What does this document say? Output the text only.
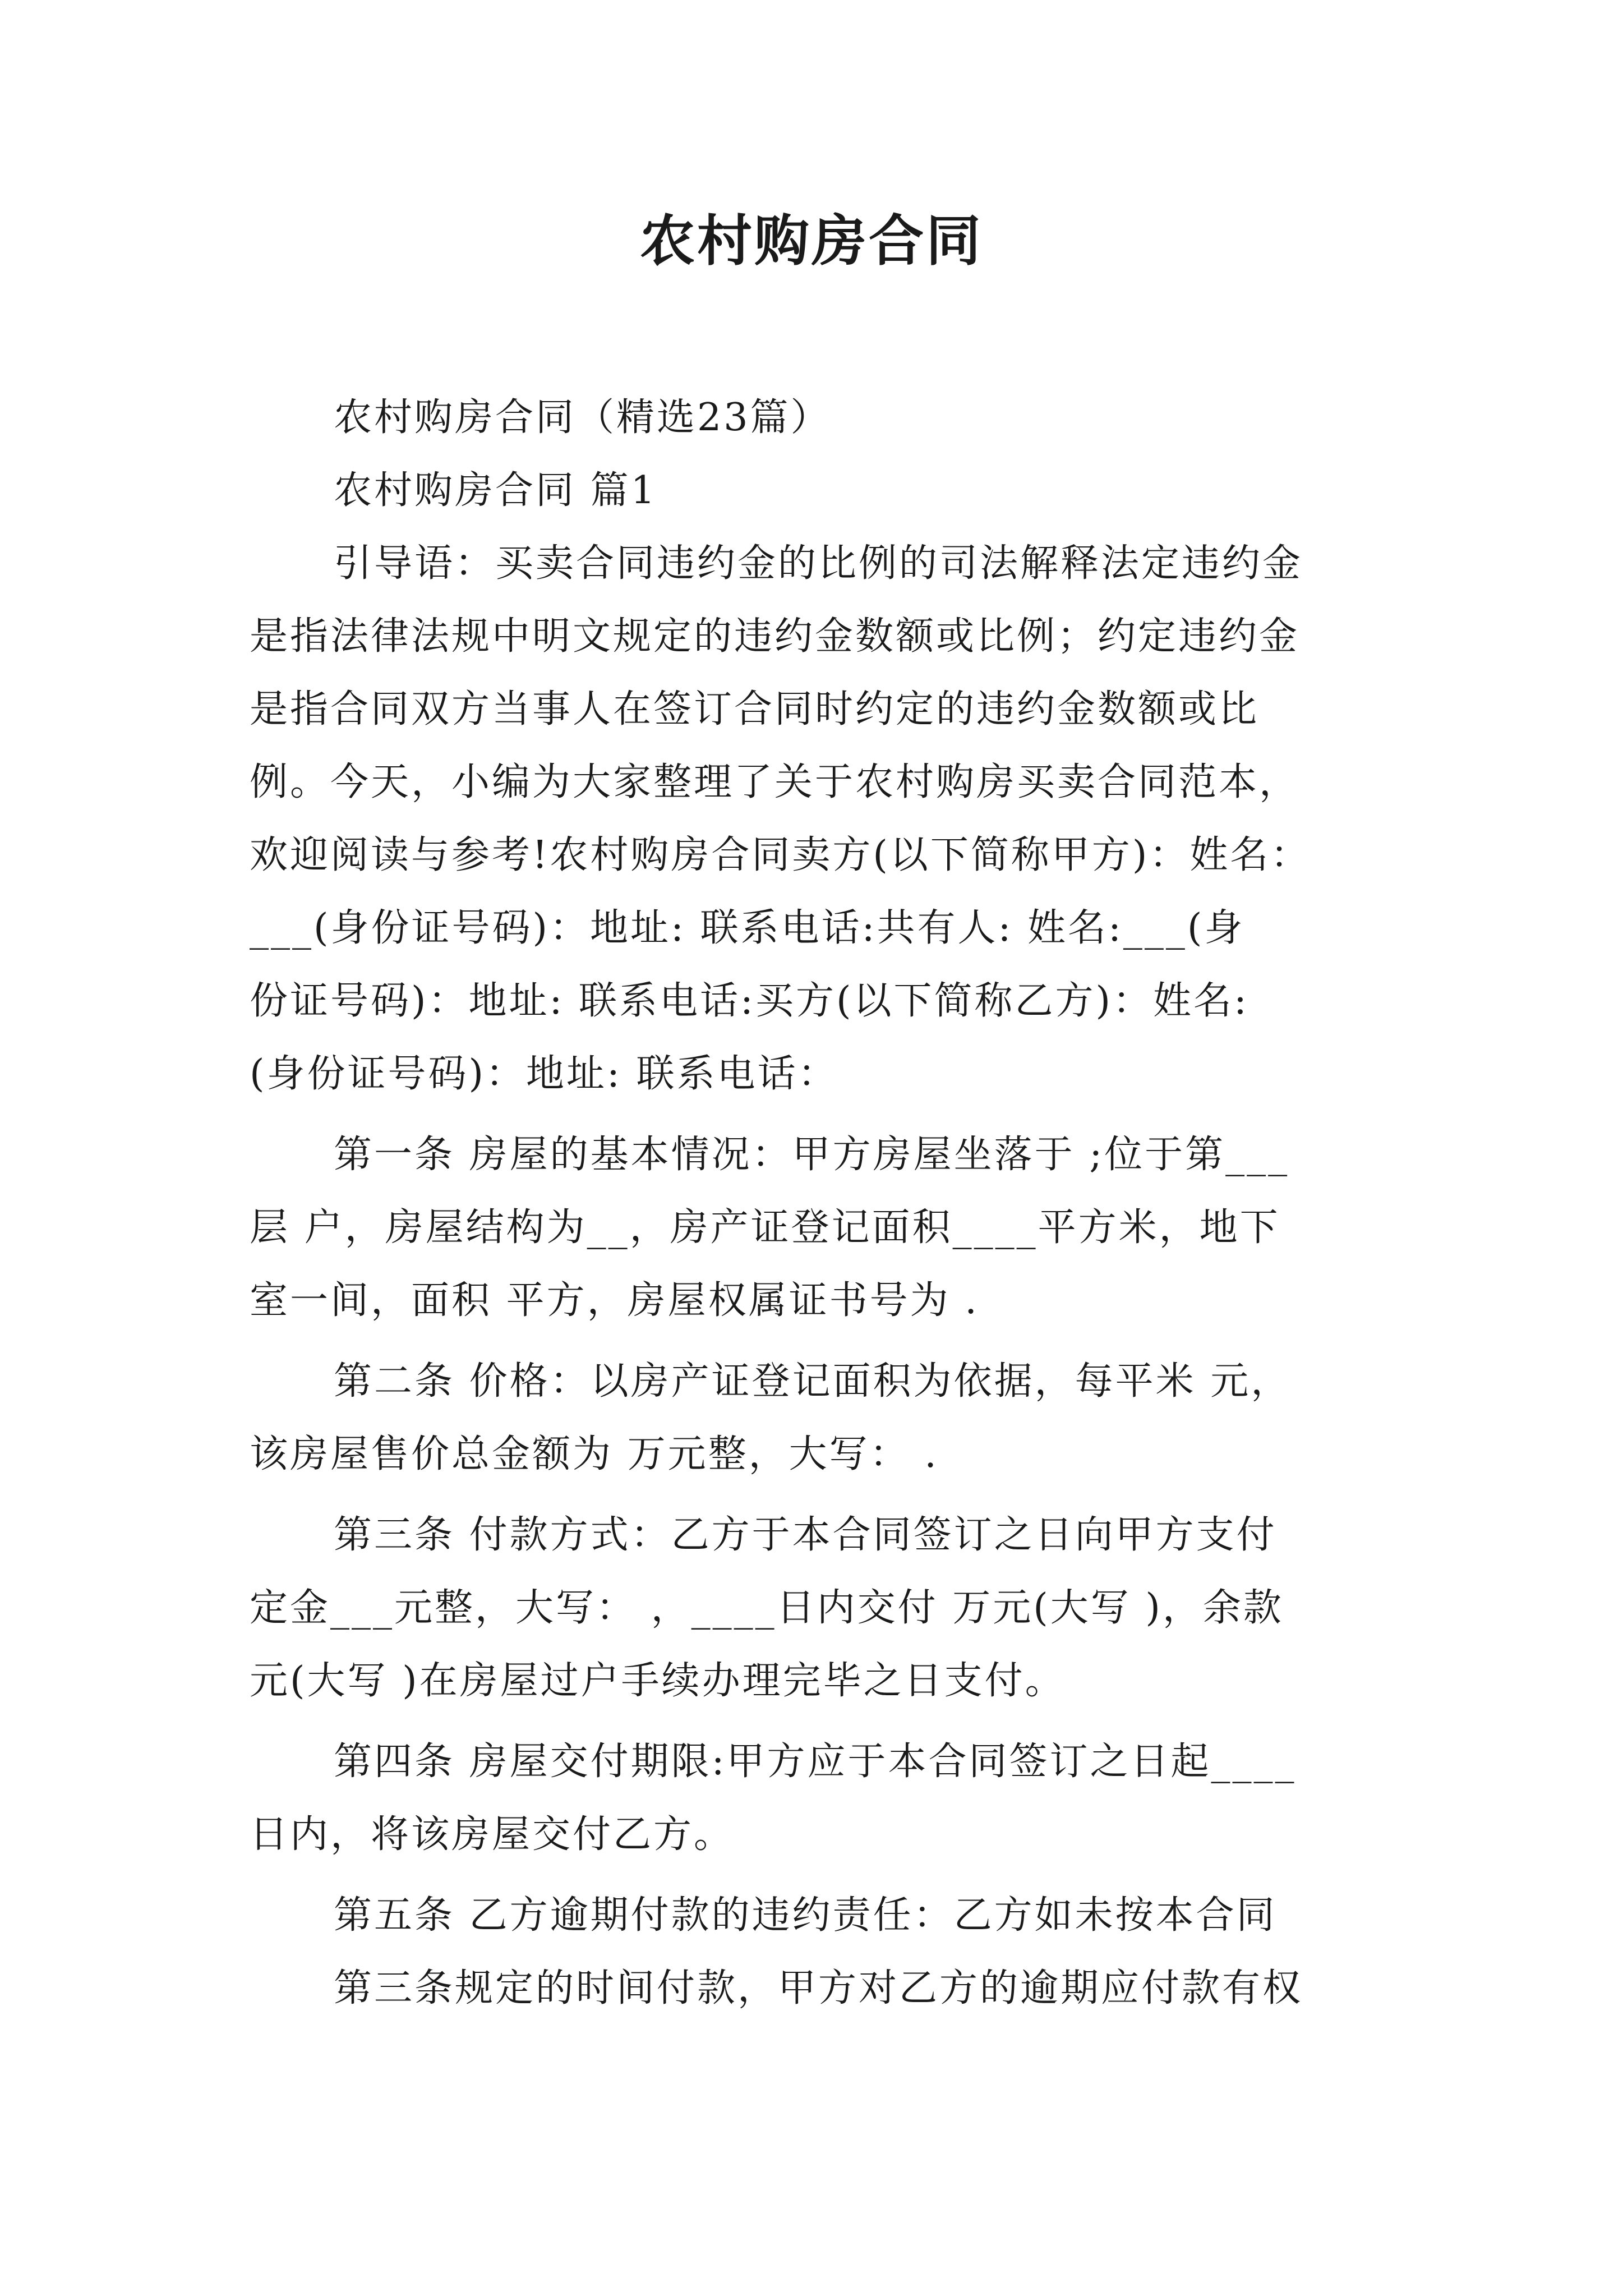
农村购房合同
农村购房合同（精选23篇）
农村购房合同 篇1
引导语：买卖合同违约金的比例的司法解释法定违约金
是指法律法规中明文规定的违约金数额或比例；约定违约金
是指合同双方当事人在签订合同时约定的违约金数额或比
例。今天，小编为大家整理了关于农村购房买卖合同范本，
欢迎阅读与参考!农村购房合同卖方(以下简称甲方)：姓名：
___(身份证号码)：地址: 联系电话:共有人: 姓名:___(身
份证号码)：地址: 联系电话:买方(以下简称乙方)：姓名:
(身份证号码)：地址: 联系电话：
第一条 房屋的基本情况：甲方房屋坐落于 ;位于第___
层 户，房屋结构为__，房产证登记面积____平方米，地下
室一间，面积 平方，房屋权属证书号为 .
第二条 价格：以房产证登记面积为依据，每平米 元，
该房屋售价总金额为 万元整，大写： .
第三条 付款方式：乙方于本合同签订之日向甲方支付
定金___元整，大写： ，____日内交付 万元(大写 )，余款
元(大写 )在房屋过户手续办理完毕之日支付。
第四条 房屋交付期限:甲方应于本合同签订之日起____
日内，将该房屋交付乙方。
第五条 乙方逾期付款的违约责任：乙方如未按本合同
第三条规定的时间付款，甲方对乙方的逾期应付款有权
